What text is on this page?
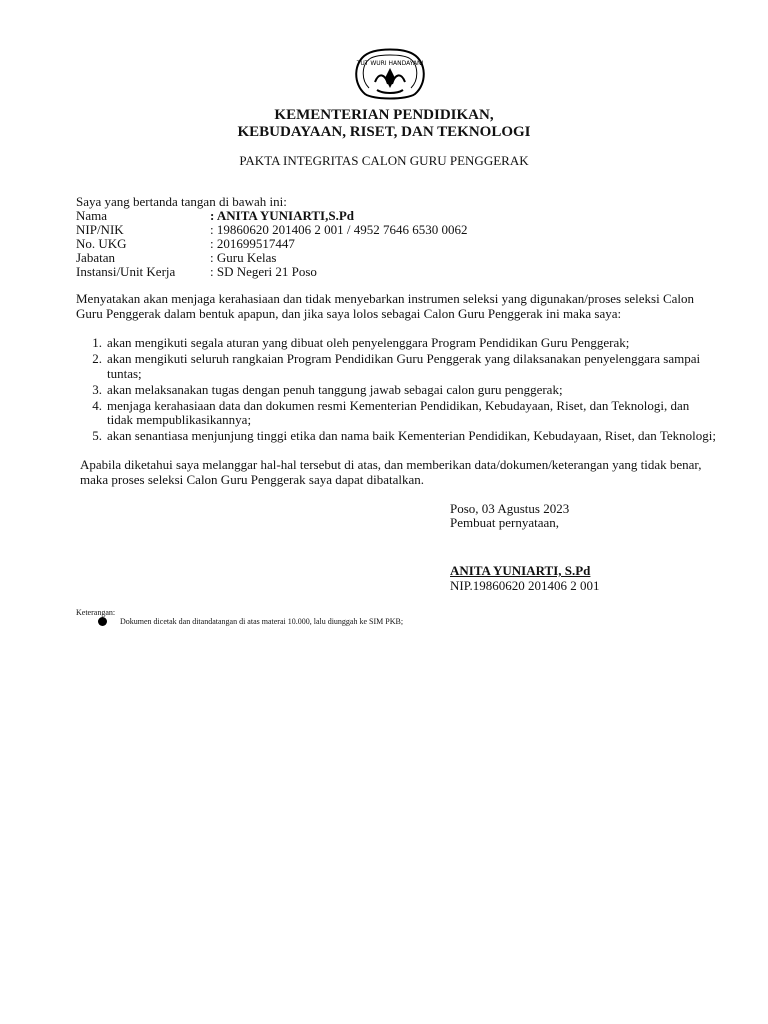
TUT WURI HANDAYANI
KEMENTERIAN PENDIDIKAN,
KEBUDAYAAN, RISET, DAN TEKNOLOGI
PAKTA INTEGRITAS CALON GURU PENGGERAK
Saya yang bertanda tangan di bawah ini:
Nama	: ANITA YUNIARTI,S.Pd
NIP/NIK	: 19860620 201406 2 001 / 4952 7646 6530 0062
No. UKG	: 201699517447
Jabatan	: Guru Kelas
Instansi/Unit Kerja	: SD Negeri 21 Poso
Menyatakan akan menjaga kerahasiaan dan tidak menyebarkan instrumen seleksi yang digunakan/proses seleksi Calon Guru Penggerak dalam bentuk apapun, dan jika saya lolos sebagai Calon Guru Penggerak ini maka saya:
1. akan mengikuti segala aturan yang dibuat oleh penyelenggara Program Pendidikan Guru Penggerak;
2. akan mengikuti seluruh rangkaian Program Pendidikan Guru Penggerak yang dilaksanakan penyelenggara sampai tuntas;
3. akan melaksanakan tugas dengan penuh tanggung jawab sebagai calon guru penggerak;
4. menjaga kerahasiaan data dan dokumen resmi Kementerian Pendidikan, Kebudayaan, Riset, dan Teknologi, dan tidak mempublikasikannya;
5. akan senantiasa menjunjung tinggi etika dan nama baik Kementerian Pendidikan, Kebudayaan, Riset, dan Teknologi;
Apabila diketahui saya melanggar hal-hal tersebut di atas, dan memberikan data/dokumen/keterangan yang tidak benar, maka proses seleksi Calon Guru Penggerak saya dapat dibatalkan.
Poso, 03 Agustus 2023
Pembuat pernyataan,
ANITA YUNIARTI, S.Pd
NIP.19860620 201406 2 001
Keterangan:
Dokumen dicetak dan ditandatangan di atas materai 10.000, lalu diunggah ke SIM PKB;
